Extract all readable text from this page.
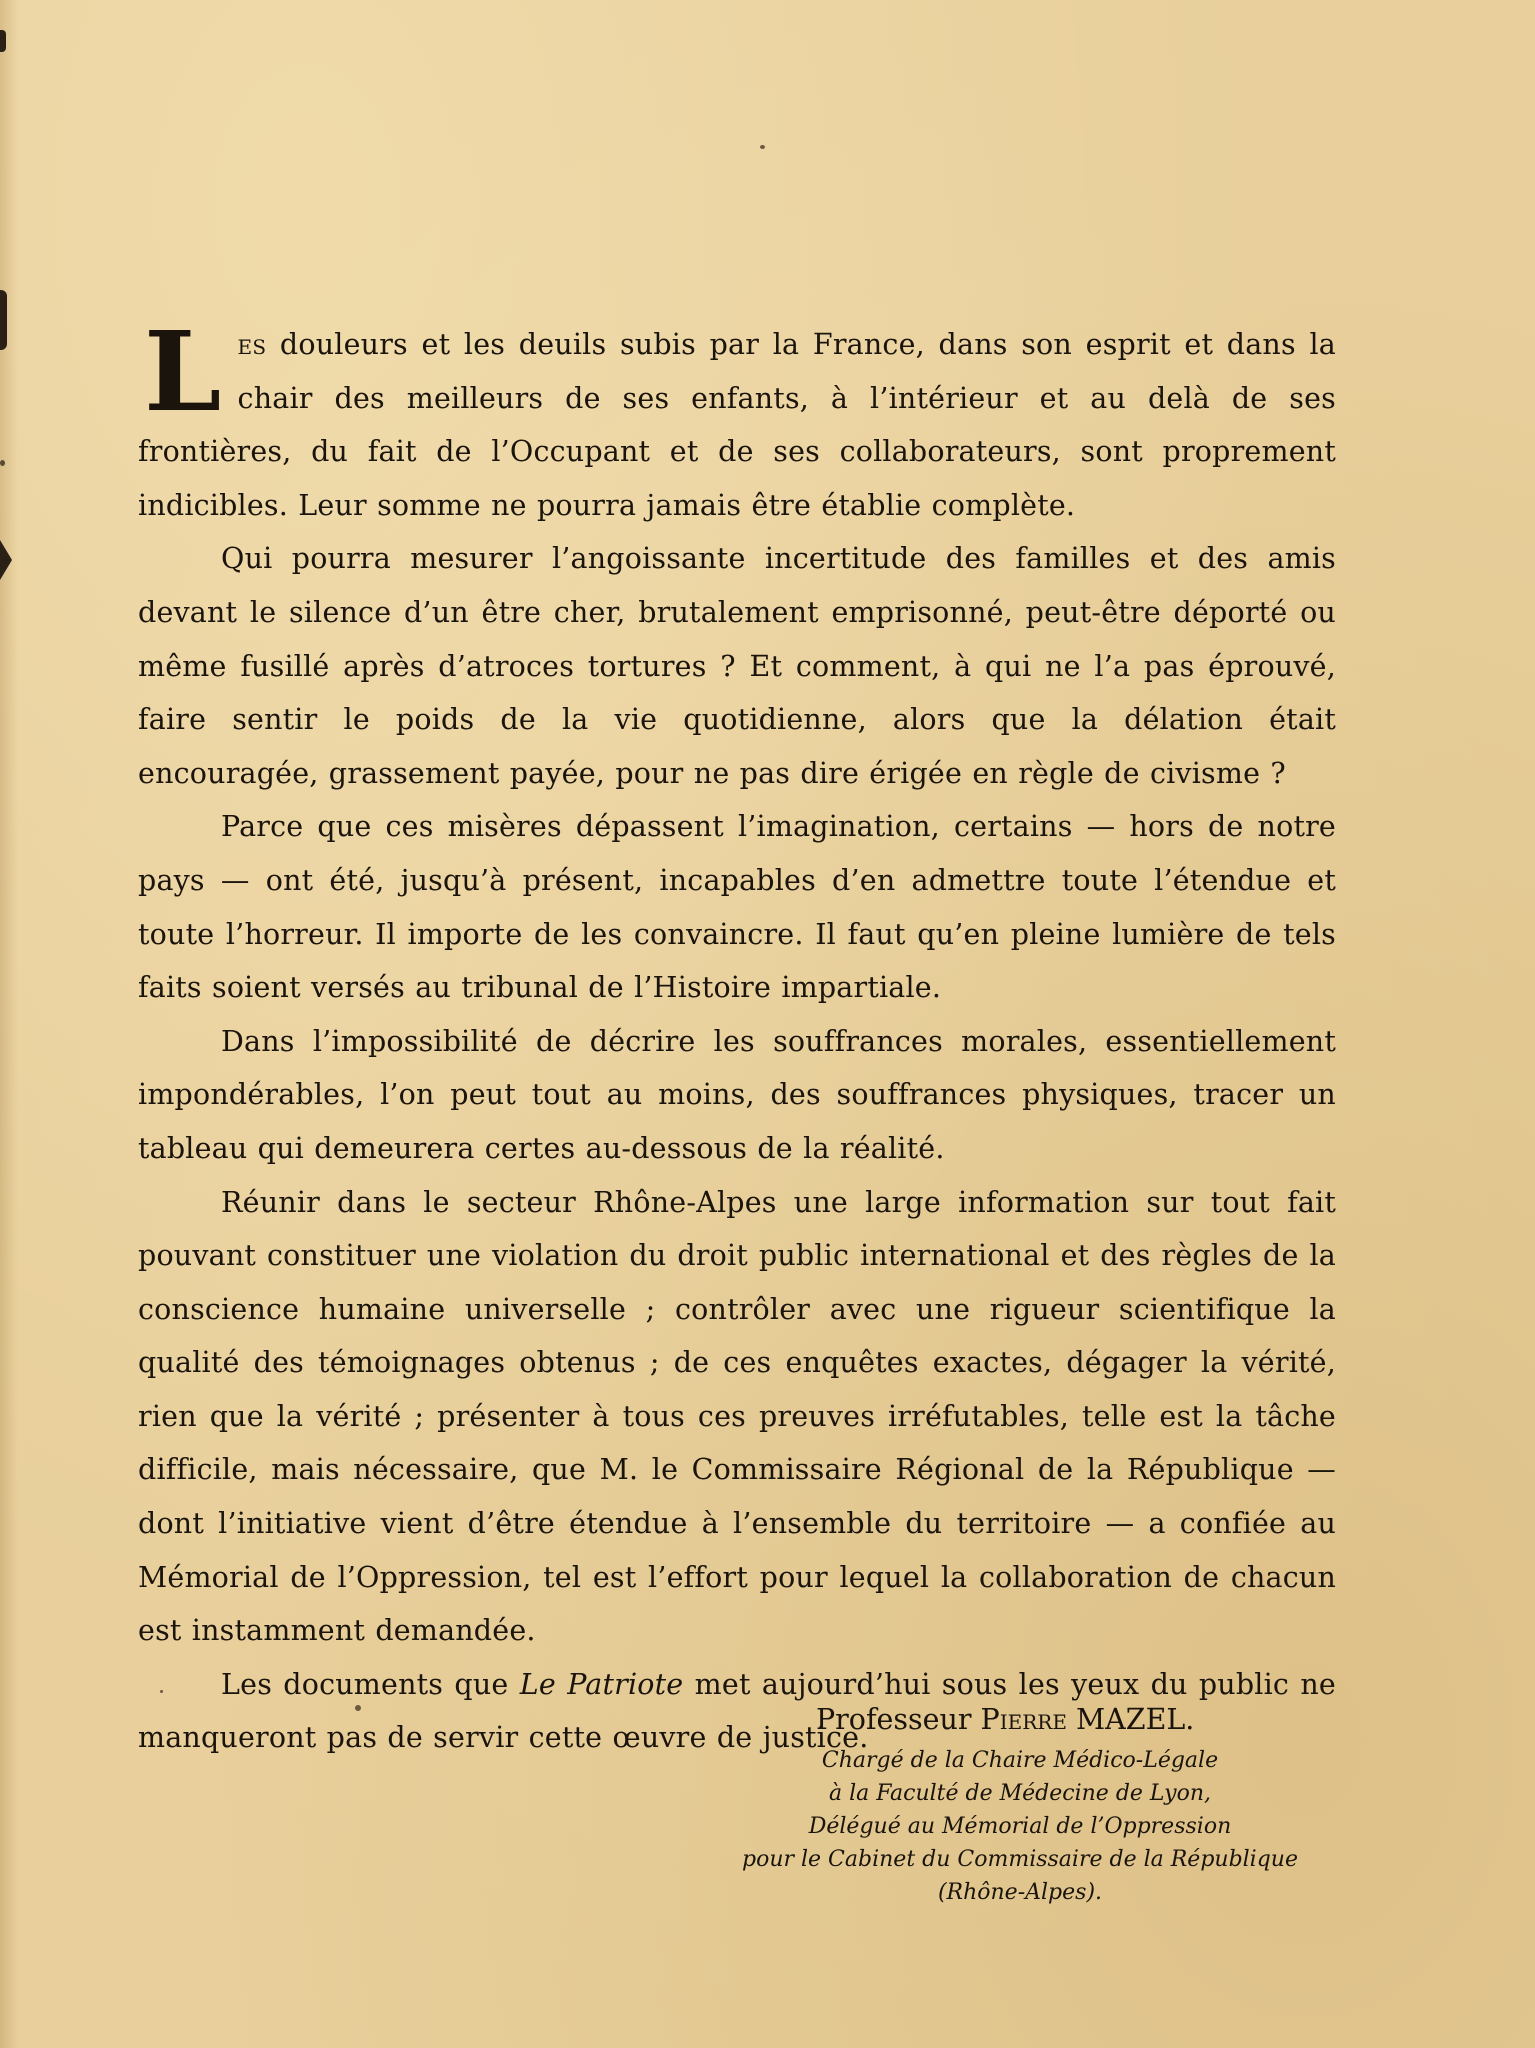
Les douleurs et les deuils subis par la France, dans son esprit et dans la chair des meilleurs de ses enfants, à l’intérieur et au delà de ses frontières, du fait de l’Occupant et de ses collaborateurs, sont proprement indicibles. Leur somme ne pourra jamais être établie complète.

Qui pourra mesurer l’angoissante incertitude des familles et des amis devant le silence d’un être cher, brutalement emprisonné, peut-être déporté ou même fusillé après d’atroces tortures ? Et comment, à qui ne l’a pas éprouvé, faire sentir le poids de la vie quotidienne, alors que la délation était encouragée, grassement payée, pour ne pas dire érigée en règle de civisme ?

Parce que ces misères dépassent l’imagination, certains — hors de notre pays — ont été, jusqu’à présent, incapables d’en admettre toute l’étendue et toute l’horreur. Il importe de les convaincre. Il faut qu’en pleine lumière de tels faits soient versés au tribunal de l’Histoire impartiale.

Dans l’impossibilité de décrire les souffrances morales, essentiellement impondérables, l’on peut tout au moins, des souffrances physiques, tracer un tableau qui demeurera certes au-dessous de la réalité.

Réunir dans le secteur Rhône-Alpes une large information sur tout fait pouvant constituer une violation du droit public international et des règles de la conscience humaine universelle ; contrôler avec une rigueur scientifique la qualité des témoignages obtenus ; de ces enquêtes exactes, dégager la vérité, rien que la vérité ; présenter à tous ces preuves irréfutables, telle est la tâche difficile, mais nécessaire, que M. le Commissaire Régional de la République — dont l’initiative vient d’être étendue à l’ensemble du territoire — a confiée au Mémorial de l’Oppression, tel est l’effort pour lequel la collaboration de chacun est instamment demandée.

Les documents que Le Patriote met aujourd’hui sous les yeux du public ne manqueront pas de servir cette œuvre de justice.

Professeur Pierre MAZEL.
Chargé de la Chaire Médico-Légale
à la Faculté de Médecine de Lyon,
Délégué au Mémorial de l’Oppression
pour le Cabinet du Commissaire de la République
(Rhône-Alpes).
